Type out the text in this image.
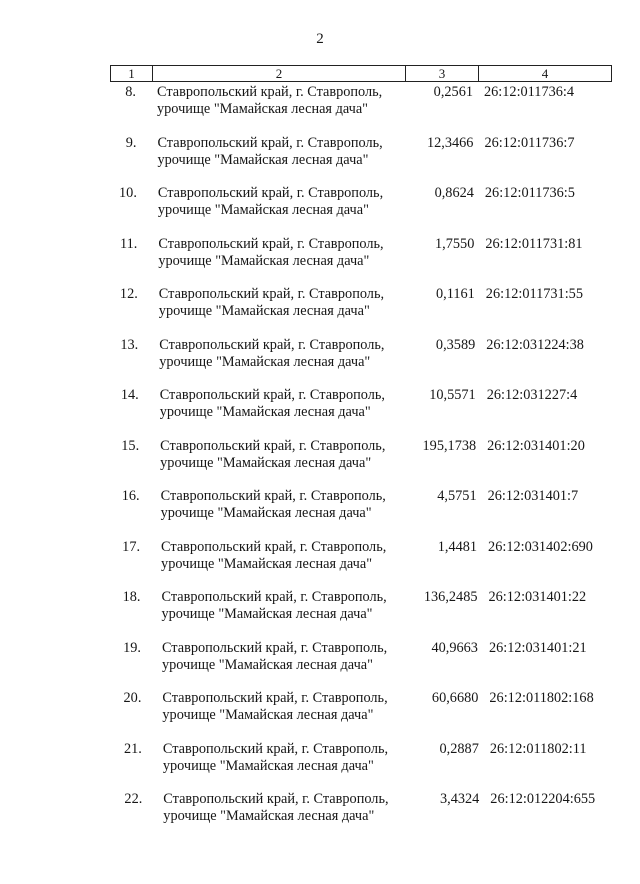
2
1	2	3	4
8. Ставропольский край, г. Ставрополь,
урочище "Мамайская лесная дача"
0,2561 26:12:011736:4
9. Ставропольский край, г. Ставрополь,
урочище "Мамайская лесная дача"
12,3466 26:12:011736:7
10. Ставропольский край, г. Ставрополь,
урочище "Мамайская лесная дача"
0,8624 26:12:011736:5
11. Ставропольский край, г. Ставрополь,
урочище "Мамайская лесная дача"
1,7550 26:12:011731:81
12. Ставропольский край, г. Ставрополь,
урочище "Мамайская лесная дача"
0,1161 26:12:011731:55
13. Ставропольский край, г. Ставрополь,
урочище "Мамайская лесная дача"
0,3589 26:12:031224:38
14. Ставропольский край, г. Ставрополь,
урочище "Мамайская лесная дача"
10,5571 26:12:031227:4
15. Ставропольский край, г. Ставрополь,
урочище "Мамайская лесная дача"
195,1738 26:12:031401:20
16. Ставропольский край, г. Ставрополь,
урочище "Мамайская лесная дача"
4,5751 26:12:031401:7
17. Ставропольский край, г. Ставрополь,
урочище "Мамайская лесная дача"
1,4481 26:12:031402:690
18. Ставропольский край, г. Ставрополь,
урочище "Мамайская лесная дача"
136,2485 26:12:031401:22
19. Ставропольский край, г. Ставрополь,
урочище "Мамайская лесная дача"
40,9663 26:12:031401:21
20. Ставропольский край, г. Ставрополь,
урочище "Мамайская лесная дача"
60,6680 26:12:011802:168
21. Ставропольский край, г. Ставрополь,
урочище "Мамайская лесная дача"
0,2887 26:12:011802:11
22. Ставропольский край, г. Ставрополь,
урочище "Мамайская лесная дача"
3,4324 26:12:012204:655
